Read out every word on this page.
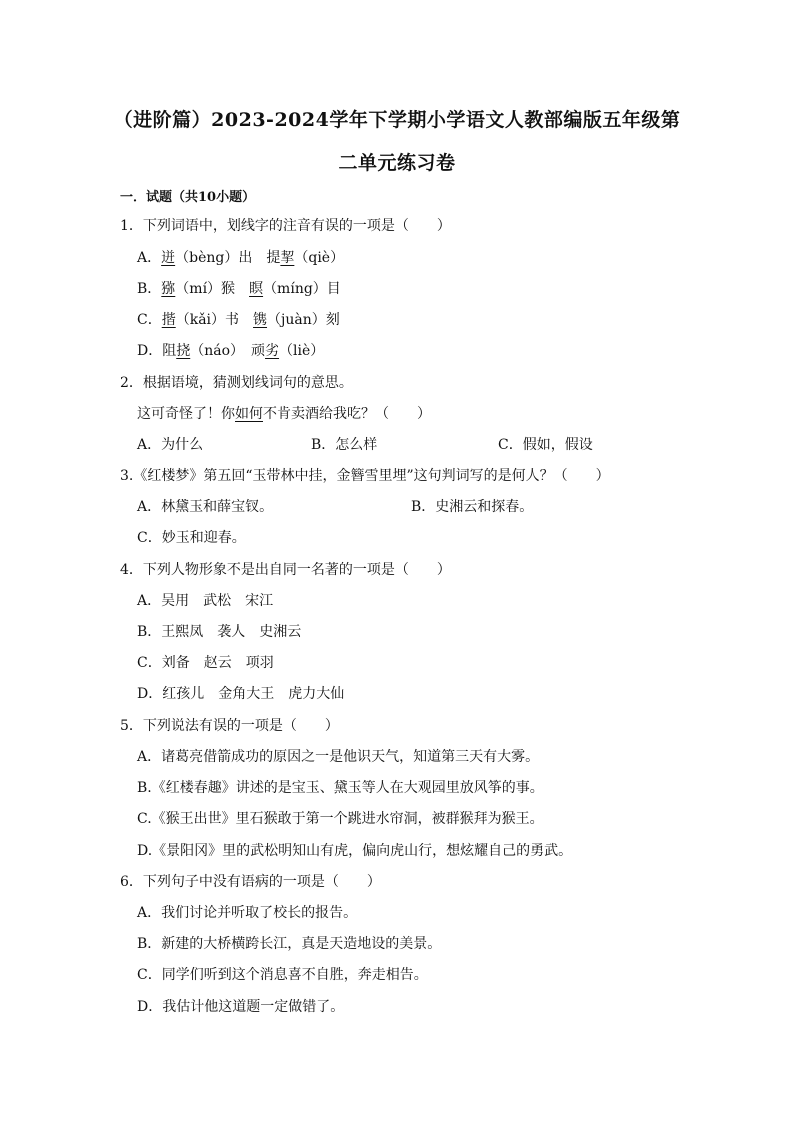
（进阶篇）2023-2024学年下学期小学语文人教部编版五年级第
二单元练习卷
一．试题（共10小题）
1．下列词语中，划线字的注音有误的一项是（　　）
A．迸（bèng）出　提挈（qiè）
B．猕（mí）猴　瞑（míng）目
C．揩（kǎi）书　镌（juàn）刻
D．阻挠（náo）　顽劣（liè）
2．根据语境，猜测划线词句的意思。
这可奇怪了！你如何不肯卖酒给我吃？（　　）
A．为什么	B．怎么样	C．假如，假设
3.《红楼梦》第五回“玉带林中挂，金簪雪里埋”这句判词写的是何人？（　　）
A．林黛玉和薛宝钗。	B．史湘云和探春。
C．妙玉和迎春。
4．下列人物形象不是出自同一名著的一项是（　　）
A．吴用　武松　宋江
B．王熙凤　袭人　史湘云
C．刘备　赵云　项羽
D．红孩儿　金角大王　虎力大仙
5．下列说法有误的一项是（　　）
A．诸葛亮借箭成功的原因之一是他识天气，知道第三天有大雾。
B.《红楼春趣》讲述的是宝玉、黛玉等人在大观园里放风筝的事。
C.《猴王出世》里石猴敢于第一个跳进水帘洞，被群猴拜为猴王。
D.《景阳冈》里的武松明知山有虎，偏向虎山行，想炫耀自己的勇武。
6．下列句子中没有语病的一项是（　　）
A．我们讨论并听取了校长的报告。
B．新建的大桥横跨长江，真是天造地设的美景。
C．同学们听到这个消息喜不自胜，奔走相告。
D．我估计他这道题一定做错了。
